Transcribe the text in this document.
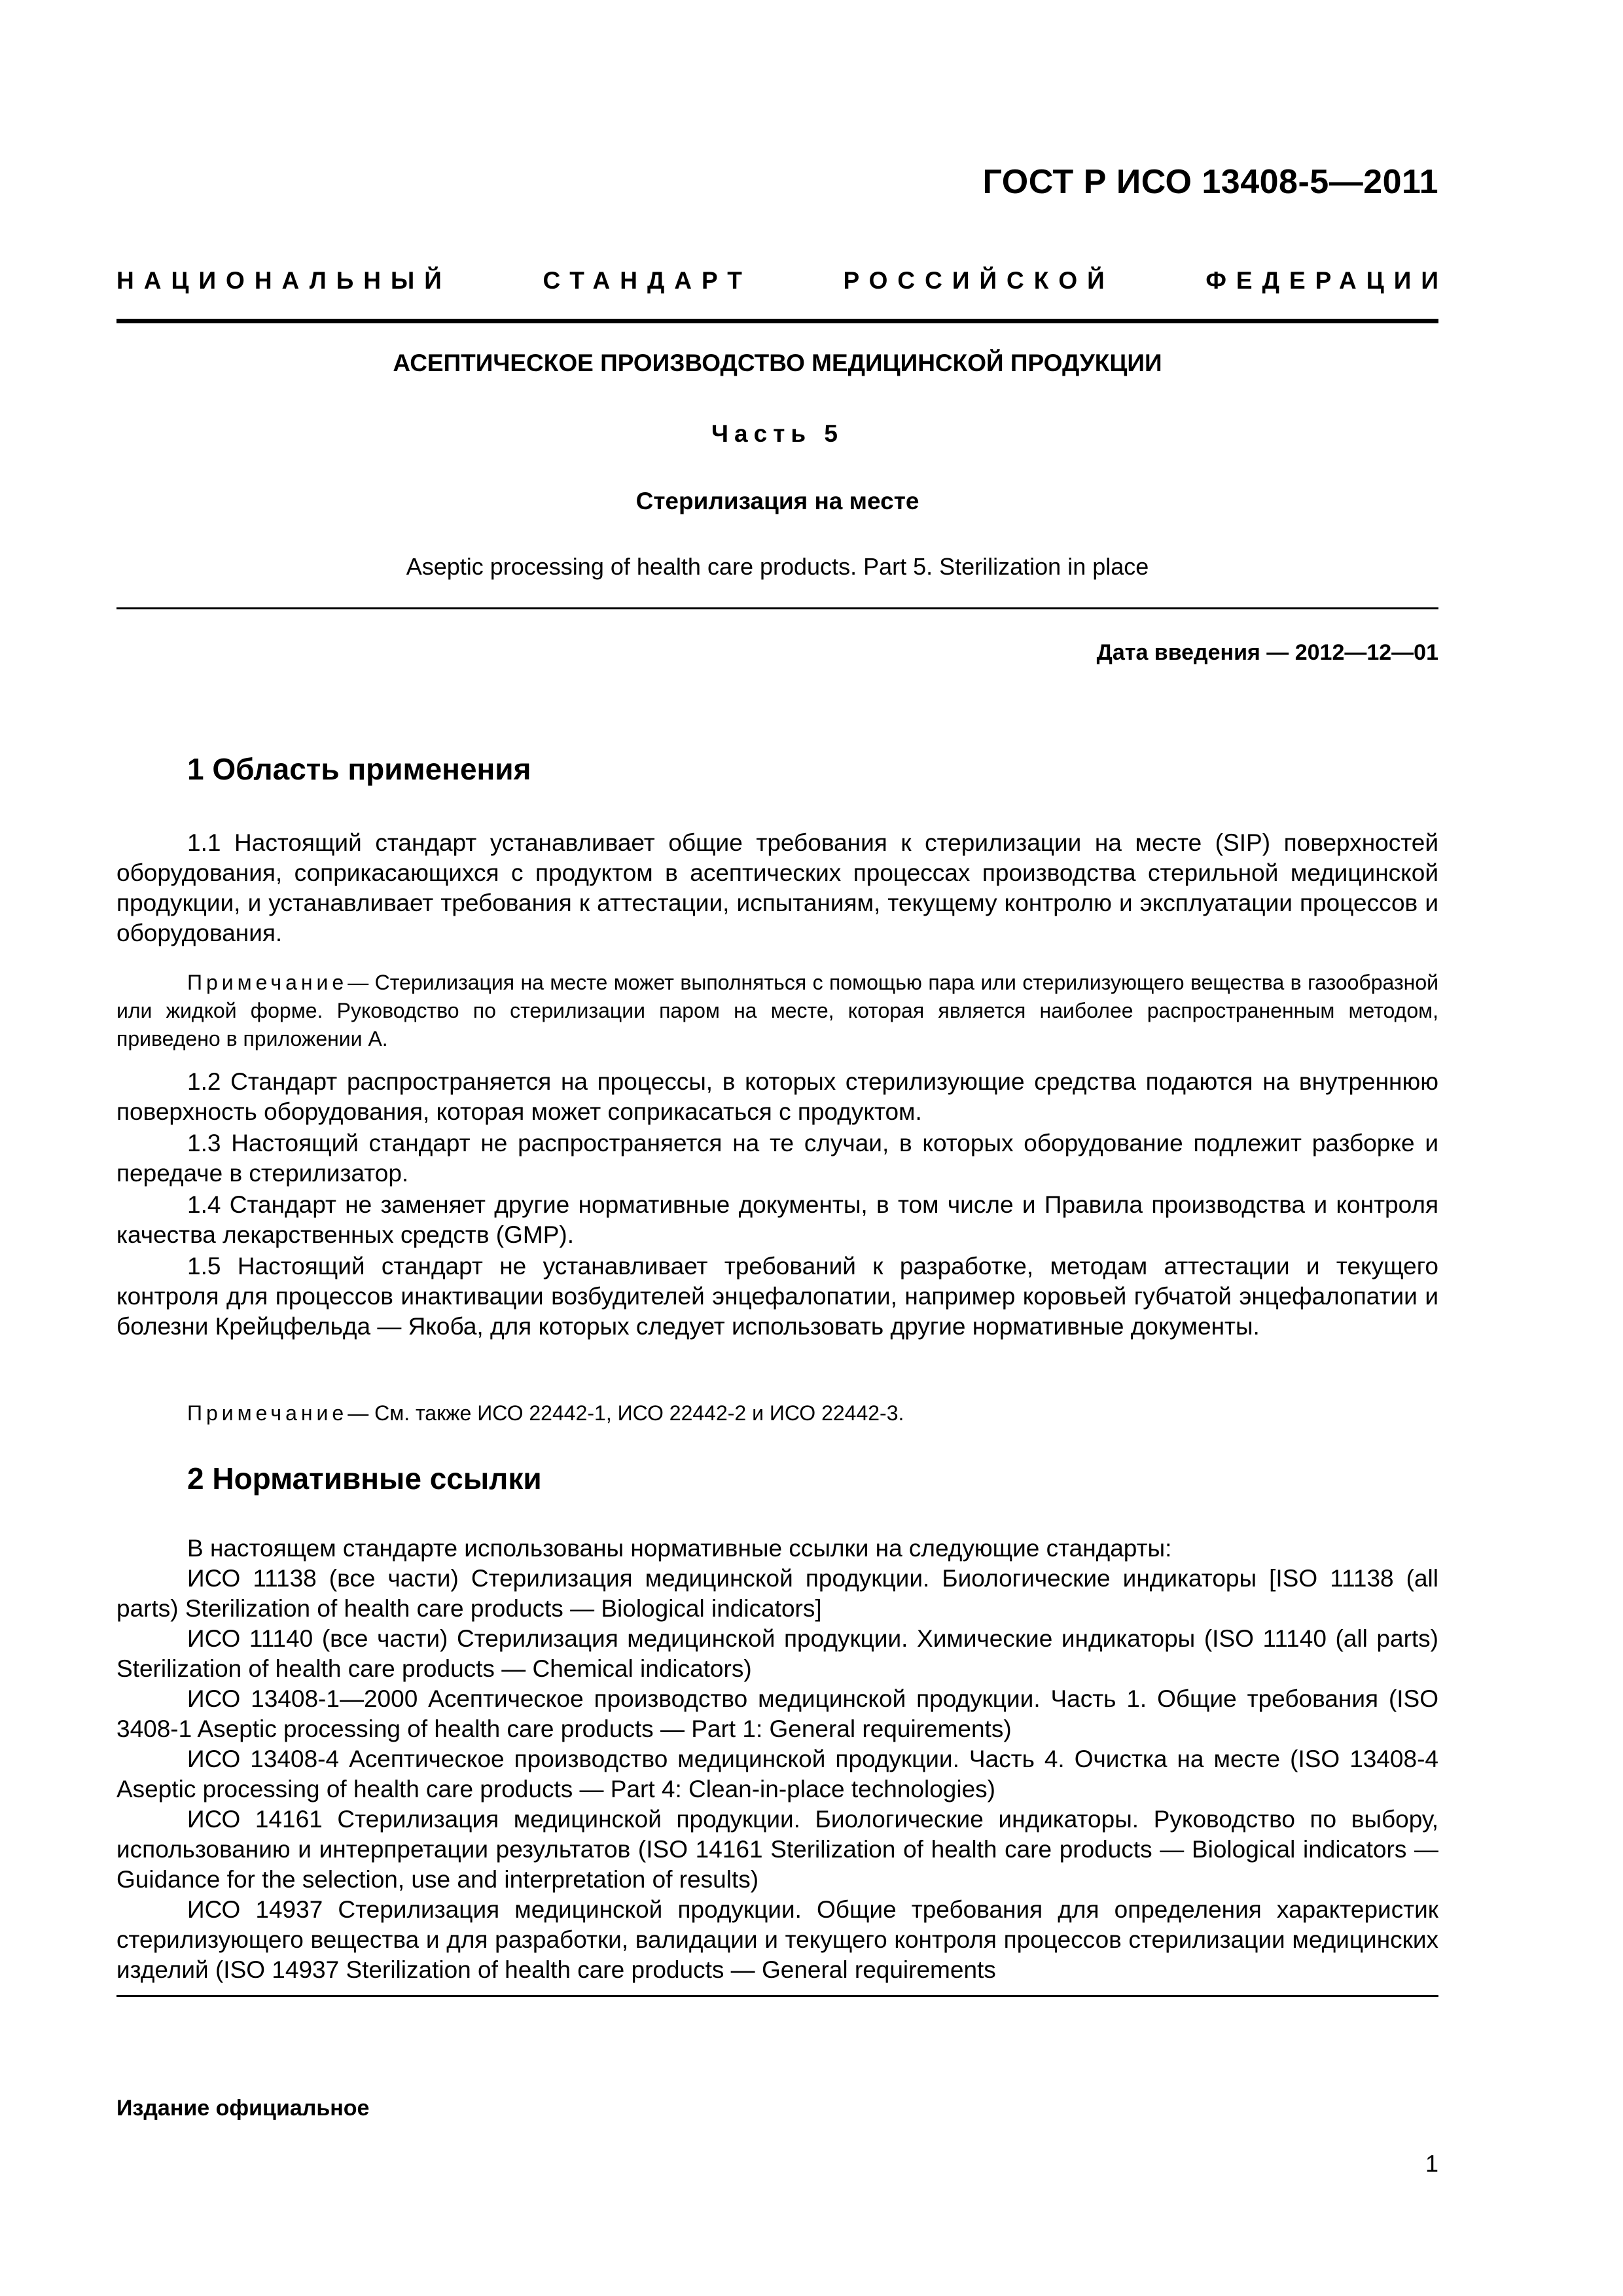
ГОСТ Р ИСО 13408-5—2011
НАЦИОНАЛЬНЫЙ	СТАНДАРТ	РОССИЙСКОЙ	ФЕДЕРАЦИИ
АСЕПТИЧЕСКОЕ ПРОИЗВОДСТВО МЕДИЦИНСКОЙ ПРОДУКЦИИ
Часть 5
Стерилизация на месте
Aseptic processing of health care products. Part 5. Sterilization in place
Дата введения — 2012—12—01
1 Область применения
1.1 Настоящий стандарт устанавливает общие требования к стерилизации на месте (SIP) поверхностей оборудования, соприкасающихся с продуктом в асептических процессах производства стерильной медицинской продукции, и устанавливает требования к аттестации, испытаниям, текущему контролю и эксплуатации процессов и оборудования.
Примечание— Стерилизация на месте может выполняться с помощью пара или стерилизующего вещества в газообразной или жидкой форме. Руководство по стерилизации паром на месте, которая является наиболее распространенным методом, приведено в приложении А.
1.2 Стандарт распространяется на процессы, в которых стерилизующие средства подаются на внутреннюю поверхность оборудования, которая может соприкасаться с продуктом.
1.3 Настоящий стандарт не распространяется на те случаи, в которых оборудование подлежит разборке и передаче в стерилизатор.
1.4 Стандарт не заменяет другие нормативные документы, в том числе и Правила производства и контроля качества лекарственных средств (GMP).
1.5 Настоящий стандарт не устанавливает требований к разработке, методам аттестации и текущего контроля для процессов инактивации возбудителей энцефалопатии, например коровьей губчатой энцефалопатии и болезни Крейцфельда — Якоба, для которых следует использовать другие нормативные документы.
Примечание— См. также ИСО 22442-1, ИСО 22442-2 и ИСО 22442-3.
2 Нормативные ссылки
В настоящем стандарте использованы нормативные ссылки на следующие стандарты:
ИСО 11138 (все части) Стерилизация медицинской продукции. Биологические индикаторы [ISO 11138 (all parts) Sterilization of health care products — Biological indicators]
ИСО 11140 (все части) Стерилизация медицинской продукции. Химические индикаторы (ISO 11140 (all parts) Sterilization of health care products — Chemical indicators)
ИСО 13408-1—2000 Асептическое производство медицинской продукции. Часть 1. Общие требования (ISO 3408-1 Aseptic processing of health care products — Part 1: General requirements)
ИСО 13408-4 Асептическое производство медицинской продукции. Часть 4. Очистка на месте (ISO 13408-4 Aseptic processing of health care products — Part 4: Clean-in-place technologies)
ИСО 14161 Стерилизация медицинской продукции. Биологические индикаторы. Руководство по выбору, использованию и интерпретации результатов (ISO 14161 Sterilization of health care products — Biological indicators — Guidance for the selection, use and interpretation of results)
ИСО 14937 Стерилизация медицинской продукции. Общие требования для определения характеристик стерилизующего вещества и для разработки, валидации и текущего контроля процессов стерилизации медицинских изделий (ISO 14937 Sterilization of health care products — General requirements
Издание официальное
1
